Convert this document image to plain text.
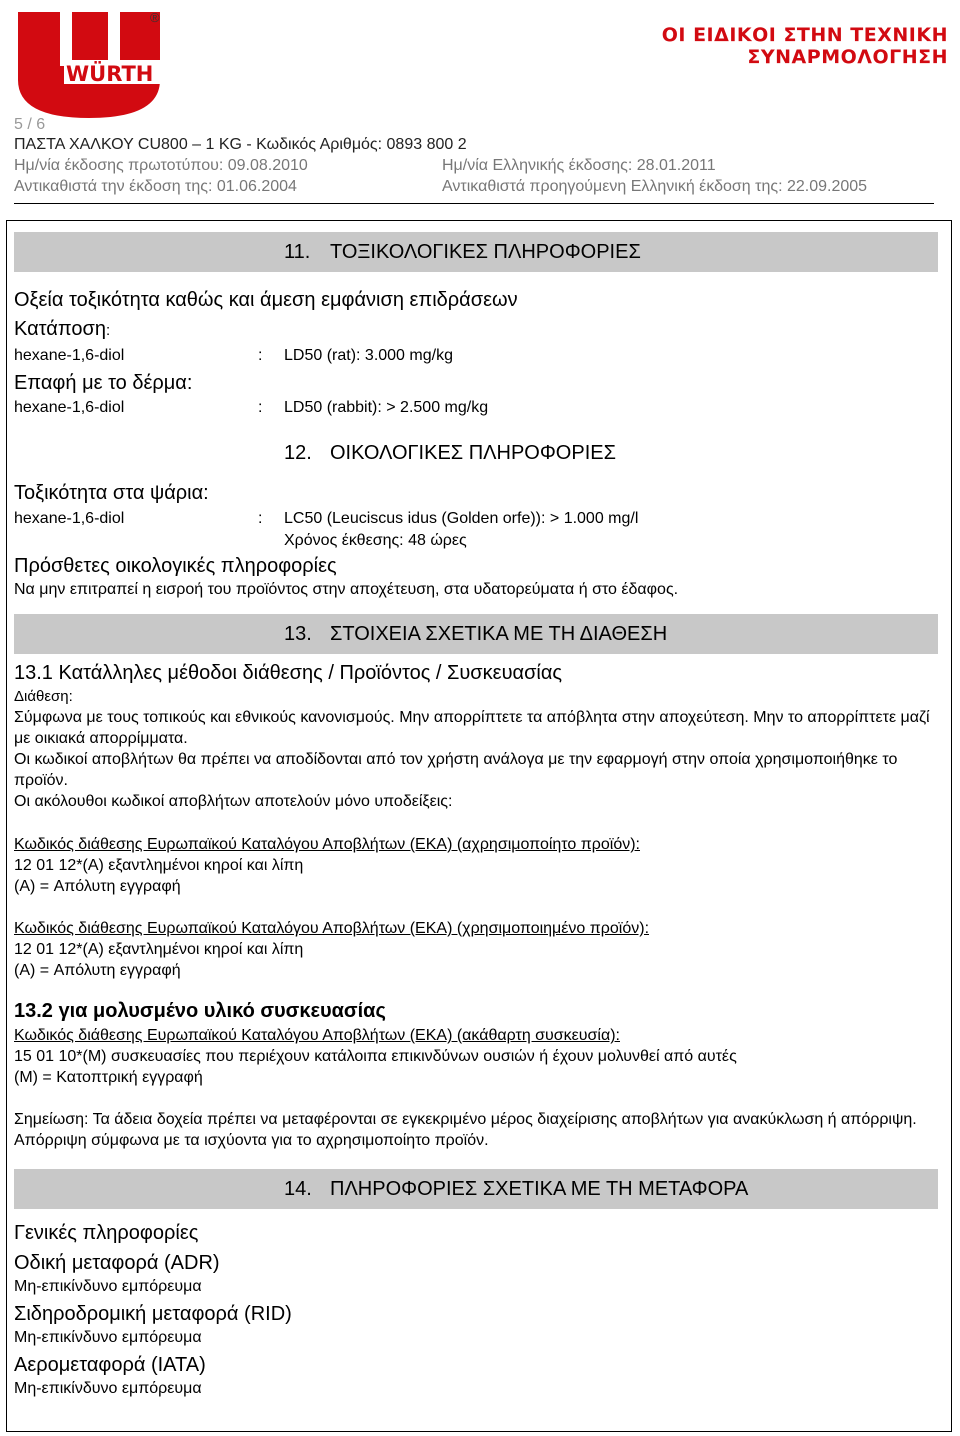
WÜRTH
®
ΟΙ ΕΙΔΙΚΟΙ ΣΤΗΝ ΤΕΧΝΙΚΗ
ΣΥΝΑΡΜΟΛΟΓΗΣΗ
5 / 6
ΠΑΣΤΑ ΧΑΛΚΟΥ CU800 – 1 KG - Κωδικός Αριθμός: 0893 800 2
Ημ/νία έκδοσης πρωτοτύπου: 09.08.2010	Ημ/νία Ελληνικής έκδοσης: 28.01.2011
Αντικαθιστά την έκδοση της: 01.06.2004	Αντικαθιστά προηγούμενη Ελληνική έκδοση της: 22.09.2005
11. ΤΟΞΙΚΟΛΟΓΙΚΕΣ ΠΛΗΡΟΦΟΡΙΕΣ
Οξεία τοξικότητα καθώς και άμεση εμφάνιση επιδράσεων
Κατάποση:
hexane-1,6-diol	:	LD50 (rat): 3.000 mg/kg
Επαφή με το δέρμα:
hexane-1,6-diol	:	LD50 (rabbit): > 2.500 mg/kg
12. ΟΙΚΟΛΟΓΙΚΕΣ ΠΛΗΡΟΦΟΡΙΕΣ
Τοξικότητα στα ψάρια:
hexane-1,6-diol	:	LC50 (Leuciscus idus (Golden orfe)): > 1.000 mg/l
Χρόνος έκθεσης: 48 ώρες
Πρόσθετες οικολογικές πληροφορίες
Να μην επιτραπεί η εισροή του προϊόντος στην αποχέτευση, στα υδατορεύματα ή στο έδαφος.
13. ΣΤΟΙΧΕΙΑ ΣΧΕΤΙΚΑ ΜΕ ΤΗ ΔΙΑΘΕΣΗ
13.1 Κατάλληλες μέθοδοι διάθεσης / Προϊόντος / Συσκευασίας
Διάθεση:
Σύμφωνα με τους τοπικούς και εθνικούς κανονισμούς. Μην απορρίπτετε τα απόβλητα στην αποχεύτεση. Μην το απορρίπτετε μαζί με οικιακά απορρίμματα.
Οι κωδικοί αποβλήτων θα πρέπει να αποδίδονται από τον χρήστη ανάλογα με την εφαρμογή στην οποία χρησιμοποιήθηκε το προϊόν.
Οι ακόλουθοι κωδικοί αποβλήτων αποτελούν μόνο υποδείξεις:
Κωδικός διάθεσης Ευρωπαϊκού Καταλόγου Αποβλήτων (ΕΚΑ) (αχρησιμοποίητο προϊόν):
12 01 12*(A) εξαντλημένοι κηροί και λίπη
(A) = Απόλυτη εγγραφή
Κωδικός διάθεσης Ευρωπαϊκού Καταλόγου Αποβλήτων (ΕΚΑ) (χρησιμοποιημένο προϊόν):
12 01 12*(A) εξαντλημένοι κηροί και λίπη
(A) = Απόλυτη εγγραφή
13.2 για μολυσμένο υλικό συσκευασίας
Κωδικός διάθεσης Ευρωπαϊκού Καταλόγου Αποβλήτων (ΕΚΑ) (ακάθαρτη συσκευσία):
15 01 10*(M) συσκευασίες που περιέχουν κατάλοιπα επικινδύνων ουσιών ή έχουν μολυνθεί από αυτές
(M) = Κατοπτρική εγγραφή
Σημείωση: Τα άδεια δοχεία πρέπει να μεταφέρονται σε εγκεκριμένο μέρος διαχείρισης αποβλήτων για ανακύκλωση ή απόρριψη. Απόρριψη σύμφωνα με τα ισχύοντα για το αχρησιμοποίητο προϊόν.
14. ΠΛΗΡΟΦΟΡΙΕΣ ΣΧΕΤΙΚΑ ΜΕ ΤΗ ΜΕΤΑΦΟΡΑ
Γενικές πληροφορίες
Οδική μεταφορά (ADR)
Μη-επικίνδυνο εμπόρευμα
Σιδηροδρομική μεταφορά (RID)
Μη-επικίνδυνο εμπόρευμα
Αερομεταφορά (IATA)
Μη-επικίνδυνο εμπόρευμα
